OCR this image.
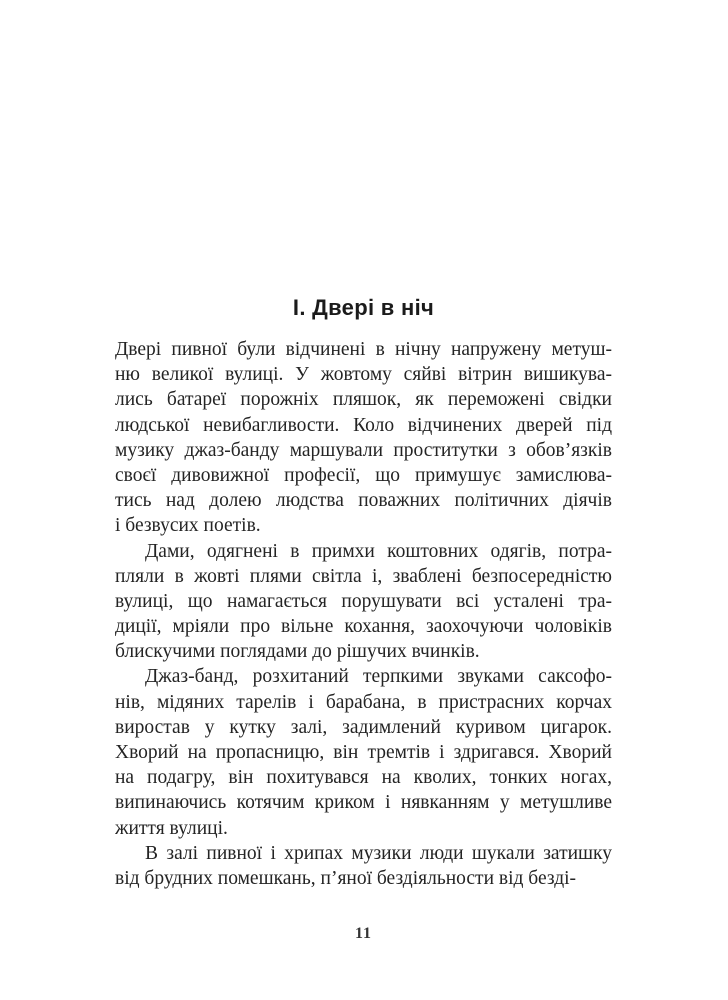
І. Двері в ніч
Двері пивної були відчинені в нічну напружену метуш-
ню великої вулиці. У жовтому сяйві вітрин вишикува-
лись батареї порожніх пляшок, як переможені свідки
людської невибагливости. Коло відчинених дверей під
музику джаз-банду маршували проститутки з обов’язків
своєї дивовижної професії, що примушує замислюва-
тись над долею людства поважних політичних діячів
і безвусих поетів.
Дами, одягнені в примхи коштовних одягів, потра-
пляли в жовті плями світла і, зваблені безпосередністю
вулиці, що намагається порушувати всі усталені тра-
диції, мріяли про вільне кохання, заохочуючи чоловіків
блискучими поглядами до рішучих вчинків.
Джаз-банд, розхитаний терпкими звуками саксофо-
нів, мідяних тарелів і барабана, в пристрасних корчах
виростав у кутку залі, задимлений куривом цигарок.
Хворий на пропасницю, він тремтів і здригався. Хворий
на подагру, він похитувався на кволих, тонких ногах,
випинаючись котячим криком і нявканням у метушливе
життя вулиці.
В залі пивної і хрипах музики люди шукали затишку
від брудних помешкань, п’яної бездіяльности від безді-
11
